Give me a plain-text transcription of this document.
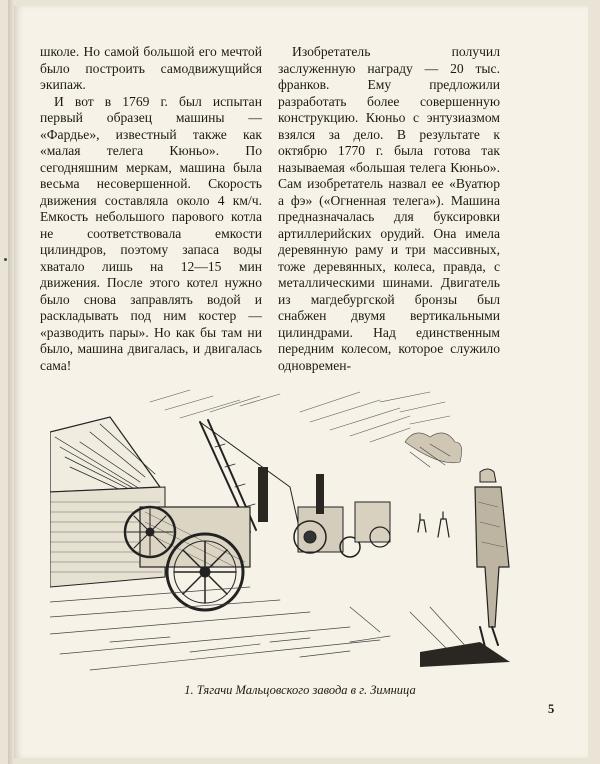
школе. Но самой большой его мечтой было построить самодвижущийся экипаж.

И вот в 1769 г. был испытан первый образец машины — «Фардье», известный также как «малая телега Кюньо». По сегодняшним меркам, машина была весьма несовершенной. Скорость движения составляла около 4 км/ч. Емкость небольшого парового котла не соответствовала емкости цилиндров, поэтому запаса воды хватало лишь на 12—15 мин движения. После этого котел нужно было снова заправлять водой и раскладывать под ним костер — «разводить пары». Но как бы там ни было, машина двигалась, и двигалась сама!

Изобретатель получил заслуженную награду — 20 тыс. франков. Ему предложили разработать более совершенную конструкцию. Кюньо с энтузиазмом взялся за дело. В результате к октябрю 1770 г. была готова так называемая «большая телега Кюньо». Сам изобретатель назвал ее «Вуатюр а фэ» («Огненная телега»). Машина предназначалась для буксировки артиллерийских орудий. Она имела деревянную раму и три массивных, тоже деревянных, колеса, правда, с металлическими шинами. Двигатель из магдебургской бронзы был снабжен двумя вертикальными цилиндрами. Над единственным передним колесом, которое служило одновремен-

1. Тягачи Мальцовского завода в г. Зимница
5
